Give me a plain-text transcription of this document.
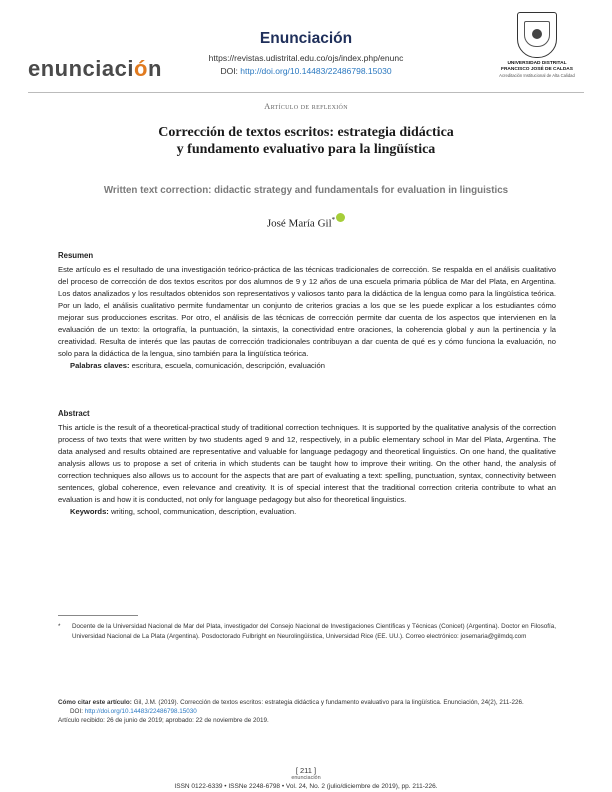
enunciación
Enunciación
https://revistas.udistrital.edu.co/ojs/index.php/enunc
DOI: http://doi.org/10.14483/22486798.15030
UNIVERSIDAD DISTRITAL
FRANCISCO JOSÉ DE CALDAS
Acreditación Institucional de Alta Calidad
Artículo de reflexión
Corrección de textos escritos: estrategia didáctica
y fundamento evaluativo para la lingüística
Written text correction: didactic strategy and fundamentals for evaluation in linguistics
José María Gil*
Resumen

Este artículo es el resultado de una investigación teórico-práctica de las técnicas tradicionales de corrección. Se respalda en el análisis cualitativo del proceso de corrección de dos textos escritos por dos alumnos de 9 y 12 años de una escuela primaria pública de Mar del Plata, en Argentina. Los datos analizados y los resultados obtenidos son representativos y valiosos tanto para la didáctica de la lengua como para la lingüística teórica. Por un lado, el análisis cualitativo permite fundamentar un conjunto de criterios gracias a los que se les puede explicar a los estudiantes cómo mejorar sus producciones escritas. Por otro, el análisis de las técnicas de corrección permite dar cuenta de los aspectos que intervienen en la evaluación de un texto: la ortografía, la puntuación, la sintaxis, la conectividad entre oraciones, la coherencia global y aun la pertinencia y la creatividad. Resulta de interés que las pautas de corrección tradicionales contribuyan a dar cuenta de qué es y cómo funciona la evaluación, no solo para la didáctica de la lengua, sino también para la lingüística teórica.

Palabras claves: escritura, escuela, comunicación, descripción, evaluación
Abstract

This article is the result of a theoretical-practical study of traditional correction techniques. It is supported by the qualitative analysis of the correction process of two texts that were written by two students aged 9 and 12, respectively, in a public elementary school in Mar del Plata, Argentina. The data analysed and results obtained are representative and valuable for language pedagogy and theoretical linguistics. On one hand, the qualitative analysis allows us to propose a set of criteria in which students can be taught how to improve their writing. On the other hand, the analysis of correction techniques also allows us to account for the aspects that are part of evaluating a text: spelling, punctuation, syntax, connectivity between sentences, global coherence, even relevance and creativity. It is of special interest that the traditional correction criteria contribute to what an evaluation is and how it is conducted, not only for language pedagogy but also for theoretical linguistics.

Keywords: writing, school, communication, description, evaluation.
* Docente de la Universidad Nacional de Mar del Plata, investigador del Consejo Nacional de Investigaciones Científicas y Técnicas (Conicet) (Argentina). Doctor en Filosofía, Universidad Nacional de La Plata (Argentina). Posdoctorado Fulbright en Neurolingüística, Universidad Rice (EE. UU.). Correo electrónico: josemaria@gilmdq.com
Cómo citar este artículo: Gil, J.M. (2019). Corrección de textos escritos: estrategia didáctica y fundamento evaluativo para la lingüística. Enunciación, 24(2), 211-226.
DOI: http://doi.org/10.14483/22486798.15030
Artículo recibido: 26 de junio de 2019; aprobado: 22 de noviembre de 2019.
[ 211 ]
enunciación
ISSN 0122-6339 • ISSNe 2248-6798 • Vol. 24, No. 2 (julio/diciembre de 2019), pp. 211-226.
